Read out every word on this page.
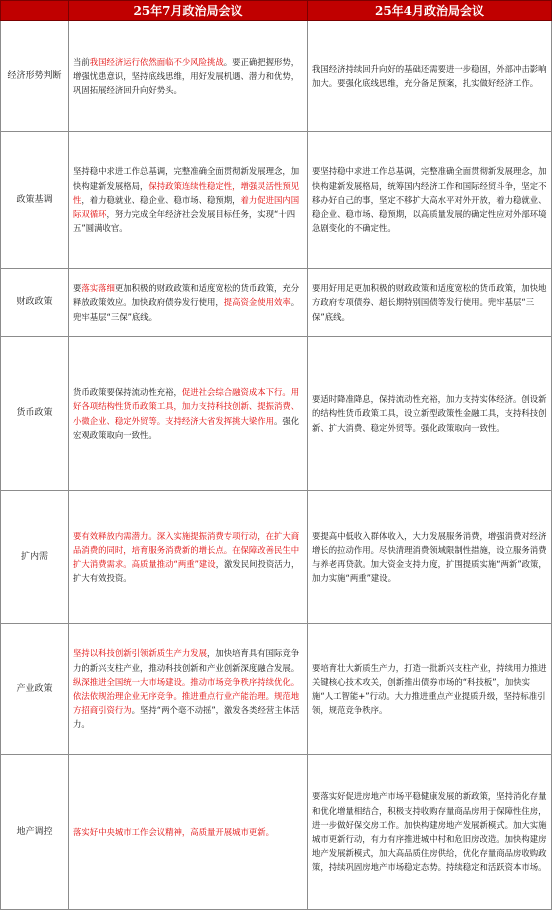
	25年7月政治局会议	25年4月政治局会议
经济形势判断	当前我国经济运行依然面临不少风险挑战。要正确把握形势，增强忧患意识，坚持底线思维，用好发展机遇、潜力和优势，巩固拓展经济回升向好势头。	我国经济持续回升向好的基础还需要进一步稳固，外部冲击影响加大。要强化底线思维，充分备足预案，扎实做好经济工作。

政策基调	坚持稳中求进工作总基调，完整准确全面贯彻新发展理念，加快构建新发展格局，保持政策连续性稳定性，增强灵活性预见性，着力稳就业、稳企业、稳市场、稳预期，着力促进国内国际双循环，努力完成全年经济社会发展目标任务，实现“十四五”圆满收官。	要坚持稳中求进工作总基调，完整准确全面贯彻新发展理念，加快构建新发展格局，统筹国内经济工作和国际经贸斗争，坚定不移办好自己的事，坚定不移扩大高水平对外开放，着力稳就业、稳企业、稳市场、稳预期，以高质量发展的确定性应对外部环境急剧变化的不确定性。

财政政策	要落实落细更加积极的财政政策和适度宽松的货币政策，充分释放政策效应。加快政府债券发行使用，提高资金使用效率。兜牢基层“三保”底线。	要用好用足更加积极的财政政策和适度宽松的货币政策，加快地方政府专项债券、超长期特别国债等发行使用。兜牢基层“三保”底线。

货币政策	货币政策要保持流动性充裕，促进社会综合融资成本下行。用好各项结构性货币政策工具，加力支持科技创新、提振消费、小微企业、稳定外贸等。支持经济大省发挥挑大梁作用。强化宏观政策取向一致性。	要适时降准降息，保持流动性充裕，加力支持实体经济。创设新的结构性货币政策工具，设立新型政策性金融工具，支持科技创新、扩大消费、稳定外贸等。强化政策取向一致性。

扩内需	要有效释放内需潜力。深入实施提振消费专项行动，在扩大商品消费的同时，培育服务消费新的增长点。在保障改善民生中扩大消费需求。高质量推动“两重”建设，激发民间投资活力，扩大有效投资。	要提高中低收入群体收入，大力发展服务消费，增强消费对经济增长的拉动作用。尽快清理消费领域限制性措施，设立服务消费与养老再贷款。加大资金支持力度，扩围提质实施“两新”政策，加力实施“两重”建设。

产业政策	坚持以科技创新引领新质生产力发展，加快培育具有国际竞争力的新兴支柱产业，推动科技创新和产业创新深度融合发展。纵深推进全国统一大市场建设。推动市场竞争秩序持续优化。依法依规治理企业无序竞争。推进重点行业产能治理。规范地方招商引资行为。坚持“两个毫不动摇”，激发各类经营主体活力。	要培育壮大新质生产力，打造一批新兴支柱产业，持续用力推进关键核心技术攻关，创新推出债券市场的“科技板”，加快实施“人工智能+”行动。大力推进重点产业提质升级，坚持标准引领，规范竞争秩序。

地产调控	落实好中央城市工作会议精神，高质量开展城市更新。	要落实好促进房地产市场平稳健康发展的新政策，坚持消化存量和优化增量相结合，积极支持收购存量商品房用于保障性住房，进一步做好保交房工作。加快构建房地产发展新模式。加大实施城市更新行动，有力有序推进城中村和危旧房改造。加快构建房地产发展新模式，加大高品质住房供给，优化存量商品房收购政策，持续巩固房地产市场稳定态势。持续稳定和活跃资本市场。
